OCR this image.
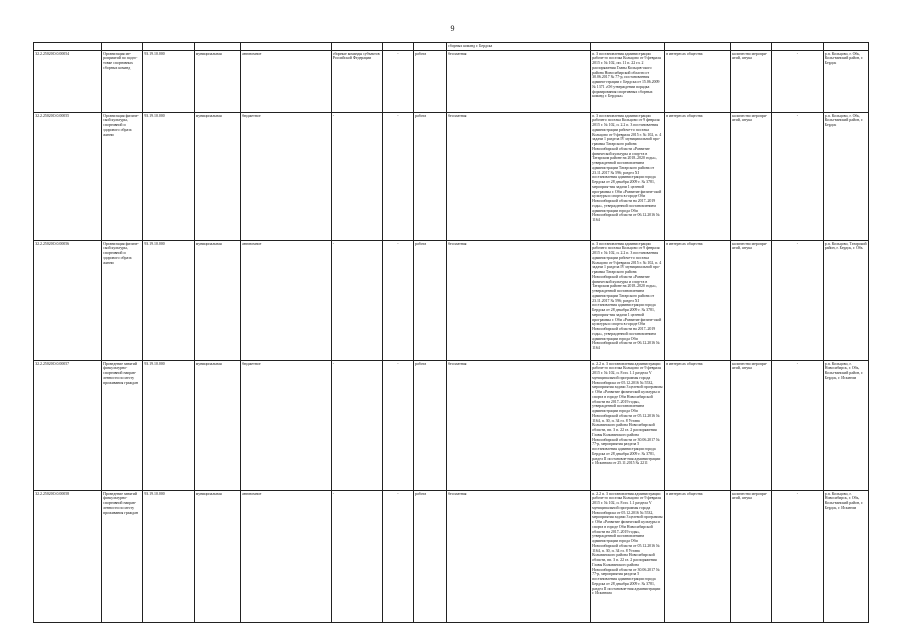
9
								сборных команд г. Бердска					
32.2.25020О.0.00054	Организация ме-роприятий по подго-товке спортивных сборных команд	93.19.10.000	муниципальная	автономное	сборные команды субъектов Российской Федерации	-	работа	бесплатная	п. 3 постановления администрации рабоче-го поселка Кольцово от 9 февраля 2015 г. № 102, пп. 11 п. 22 гл. 2 распоряжения Главы Кольцов-ского района Новосибирской области от 30.06.2017 № 77-р, постановления админи-страции г. Бердска от 15.06.2009 № 1371 «Об утверждении порядка формирования спортивных сборных команд г. Бердска»	в интересах общества	количество меропри-ятий, штука	-	р.п. Кольцово, г. Обь, Колы-ванский район, г. Бердск
32.2.25020О.0.00055	Организация физиче-ской культуры, спортивной и здорового образа жизни	93.19.10.000	муниципальная	бюджетное	-	-	работа	бесплатная	п. 3 постановления администрации рабочего поселка Кольцово от 9 февраля 2015 г. № 102, п. 2.2 п. 3 постановления администрации рабоче-го поселка Кольцово от 9 февраля 2015 г. № 102, п. 4 задачи 1 раздела IV муниципальной про-граммы Татарского района Новосибирской области «Развитие физической культуры и спор-та в Татарском районе на 2018–2020 годы», утвержденной постановлением администрации Татарского района от 23.11.2017 № 596; раздел XI постановления администрации города Бердска от 28 декабря 2009 г. № 3781, мероприя-тия задачи 1 целевой программы г. Оби «Развитие физиче-ской культуры и спорта в городе Оби Новосибирской области на 2017–2019 годы», утвержденной постановлением администрации города Оби Новосибирской области от 06.12.2016 № 1164	в интересах общества	количество меропри-ятий, штука	-	р.п. Кольцово, г. Обь, Колы-ванский район, г. Бердск
32.2.25020О.0.00056	Организация физиче-ской культуры, спортивной и здорового образа жизни	93.19.10.000	муниципальная	автономное	-	-	работа	бесплатная	п. 3 постановления администрации рабочего поселка Кольцово от 9 февраля 2015 г. № 102, п. 2.2 п. 3 постановления администрации рабоче-го поселка Кольцово от 9 февраля 2015 г. № 102, п. 4 задачи 1 раздела IV муниципальной про-граммы Татарского района Новосибирской области «Развитие физической культуры и спор-та в Татарском районе на 2018–2020 годы», утвержденной постановлением администрации Татарского района от 23.11.2017 № 596; раздел XI постановления администрации города Бердска от 28 декабря 2009 г. № 3781, мероприя-тия задачи 1 целевой программы г. Оби «Развитие физиче-ской культуры и спорта в городе Оби Новосибирской области на 2017–2019 годы», утвержденной постановлением администрации города Оби Новосибирской области от 06.12.2016 № 1164	в интересах общества	количество меропри-ятий, штука	-	р.п. Кольцово, Татарский район, г. Бердск, г. Обь
32.2.25020О.0.00057	Проведение занятий физкультурно-спортивной направ-ленности по месту проживания граждан	93.19.10.000	муниципальная	бюджетное	-	-	работа	бесплатная	п. 2.2 п. 3 постановления администрации рабоче-го поселка Кольцово от 9 февраля 2015 г. № 102, п. 8 пп. 1.1 раздела V муниципальной программы города Новосибирска от 05.12.2016 № 5532, мероприятия задачи 3 целевой программы г. Оби «Развитие физической культуры и спорта в городе Оби Новосибирской области на 2017–2019 годы», утвержденной постановлением администрации города Оби Новосибирской области от 05.12.2016 № 1164, п. 30, п. 34 гл. 8 Устава Колыванского района Новосибирской области, пп. 3 п. 22 гл. 2 распоряжения Главы Колыванского района Новосибирской области от 30.06.2017 № 77-р, мероприятия раздела 5 постановления администрации города Бердска от 28 декабря 2009 г. № 3781, раздел II постановле-ния администрации г. Искитима от 25.11.2015 № 2211	в интересах общества	количество меропри-ятий, штука	-	р.п. Кольцово, г. Новосибирск, г. Обь, Колы-ванский район, г. Бердск, г. Искитим
32.2.25020О.0.00058	Проведение занятий физкультурно-спортивной направ-ленности по месту проживания граждан	93.19.10.000	муниципальная	автономное	-	-	работа	бесплатная	п. 2.2 п. 3 постановления администрации рабоче-го поселка Кольцово от 9 февраля 2015 г. № 102, п. 8 пп. 1.1 раздела V муниципальной программы города Новосибирска от 05.12.2016 № 5532, мероприятия задачи 3 целевой программы г. Оби «Развитие физической культуры и спорта в городе Оби Новосибирской области на 2017–2019 годы», утвержденной постановлением администрации города Оби Новосибирской области от 05.12.2016 № 1164, п. 30, п. 34 гл. 8 Устава Колыванского района Новосибирской области, пп. 3 п. 22 гл. 2 распоряжения Главы Колыванского района Новосибирской области от 30.06.2017 № 77-р, мероприятия раздела 5 постановления администрации города Бердска от 28 декабря 2009 г. № 3781, раздел II постановле-ния администрации г. Искитима	в интересах общества	количество меропри-ятий, штука	-	р.п. Кольцово, г. Новосибирск, г. Обь, Колы-ванский район, г. Бердск, г. Искитим
